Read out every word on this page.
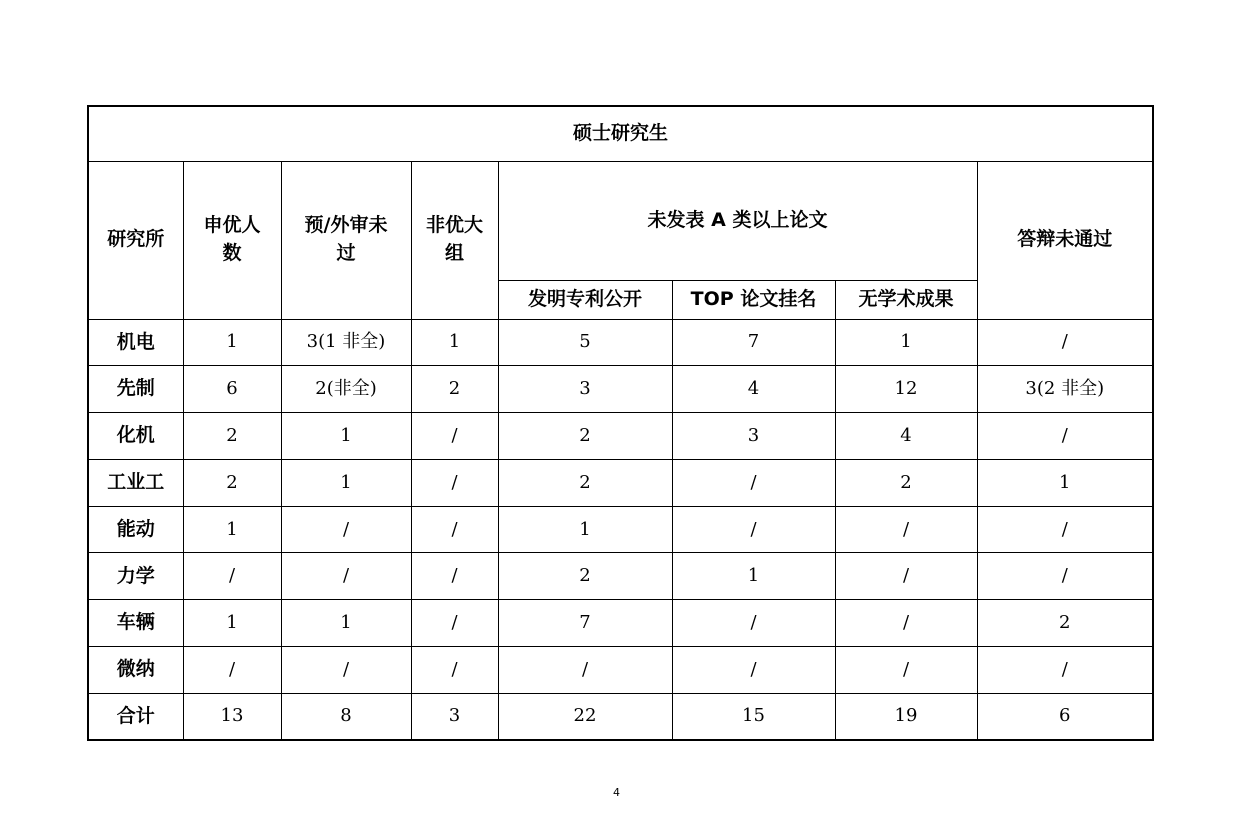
硕士研究生							
研究所	申优人数	预/外审未过	非优大组	未发表 A 类以上论文			答辩未通过
				发明专利公开	TOP 论文挂名	无学术成果	
机电	1	3(1 非全)	1	5	7	1	/
先制	6	2(非全)	2	3	4	12	3(2 非全)
化机	2	1	/	2	3	4	/
工业工	2	1	/	2	/	2	1
能动	1	/	/	1	/	/	/
力学	/	/	/	2	1	/	/
车辆	1	1	/	7	/	/	2
微纳	/	/	/	/	/	/	/
合计	13	8	3	22	15	19	6
4
